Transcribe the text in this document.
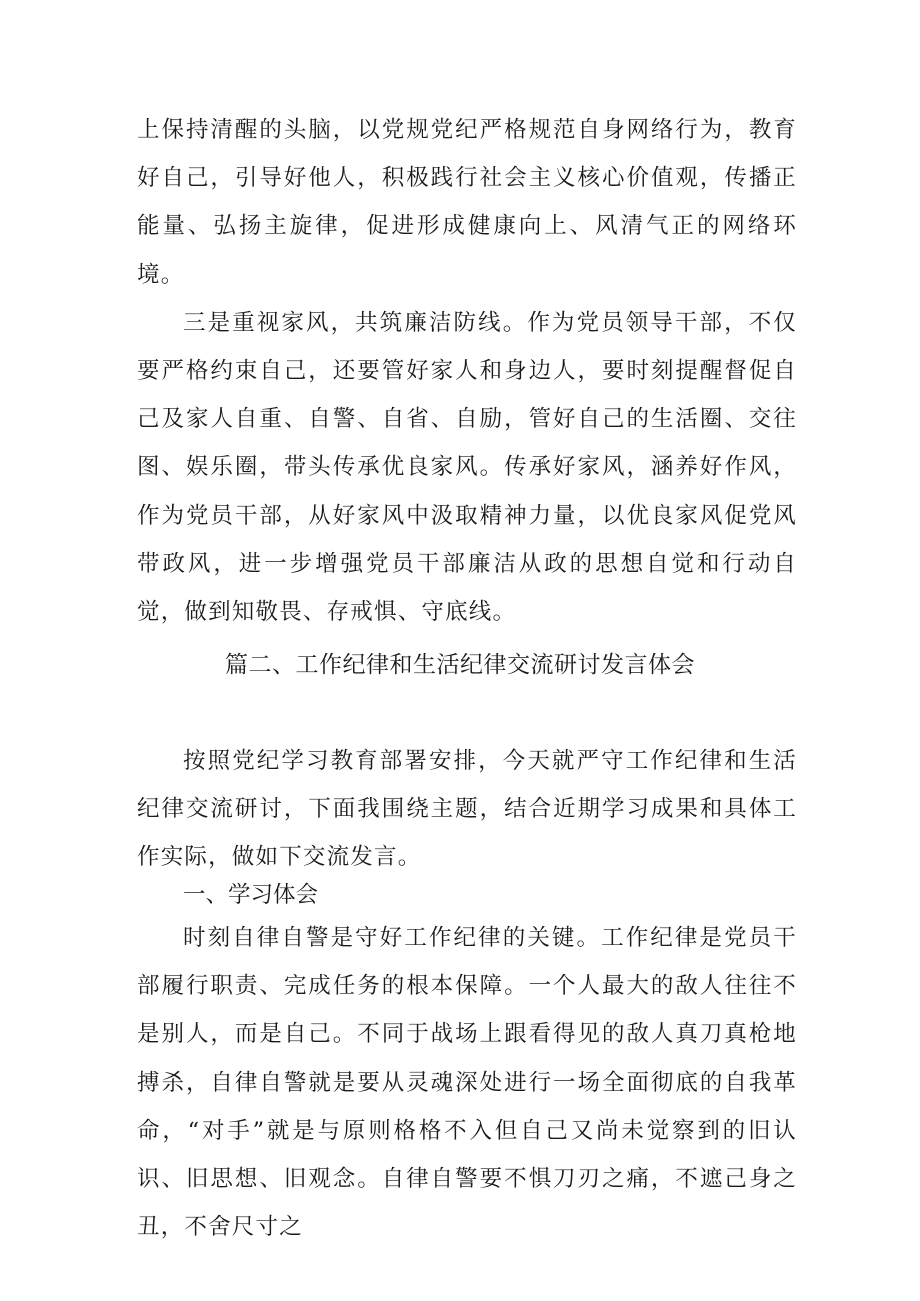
上保持清醒的头脑，以党规党纪严格规范自身网络行为，教育好自己，引导好他人，积极践行社会主义核心价值观，传播正能量、弘扬主旋律，促进形成健康向上、风清气正的网络环境。

三是重视家风，共筑廉洁防线。作为党员领导干部，不仅要严格约束自己，还要管好家人和身边人，要时刻提醒督促自己及家人自重、自警、自省、自励，管好自己的生活圈、交往图、娱乐圈，带头传承优良家风。传承好家风，涵养好作风，作为党员干部，从好家风中汲取精神力量，以优良家风促党风带政风，进一步增强党员干部廉洁从政的思想自觉和行动自觉，做到知敬畏、存戒惧、守底线。

篇二、工作纪律和生活纪律交流研讨发言体会

按照党纪学习教育部署安排，今天就严守工作纪律和生活纪律交流研讨，下面我围绕主题，结合近期学习成果和具体工作实际，做如下交流发言。

一、学习体会

时刻自律自警是守好工作纪律的关键。工作纪律是党员干部履行职责、完成任务的根本保障。一个人最大的敌人往往不是别人，而是自己。不同于战场上跟看得见的敌人真刀真枪地搏杀，自律自警就是要从灵魂深处进行一场全面彻底的自我革命，“对手”就是与原则格格不入但自己又尚未觉察到的旧认识、旧思想、旧观念。自律自警要不惧刀刃之痛，不遮己身之丑，不舍尺寸之
